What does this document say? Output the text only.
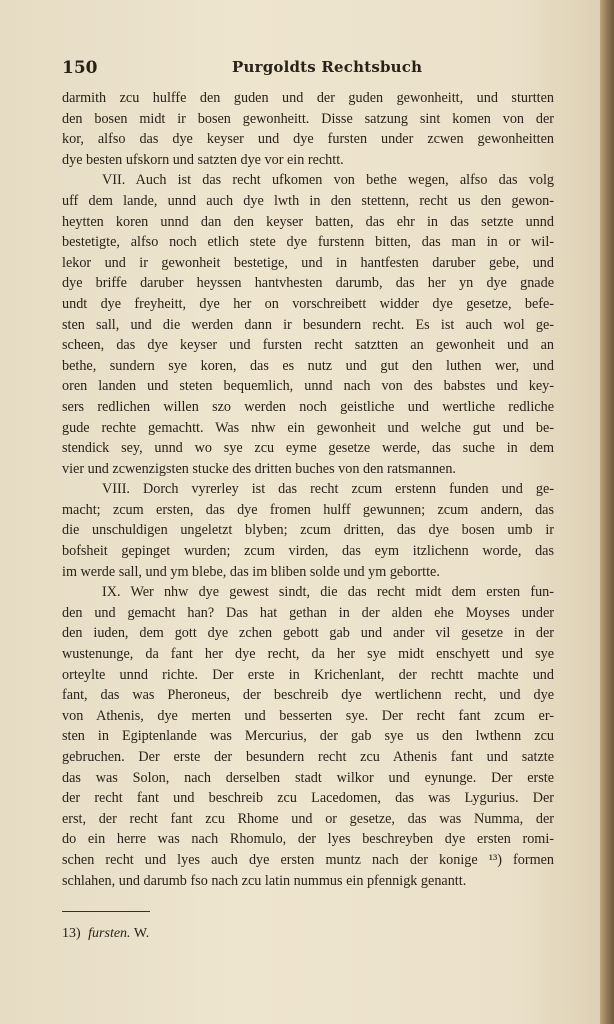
150	Purgoldts Rechtsbuch
darmith zcu hulffe den guden und der guden gewonheitt, und sturtten
den bosen midt ir bosen gewonheitt. Disse satzung sint komen von der
kor, alfso das dye keyser und dye fursten under zcwen gewonheitten
dye besten ufskorn und satzten dye vor ein rechtt.
VII. Auch ist das recht ufkomen von bethe wegen, alfso das volg
uff dem lande, unnd auch dye lwth in den stettenn, recht us den gewon-
heytten koren unnd dan den keyser batten, das ehr in das setzte unnd
bestetigte, alfso noch etlich stete dye furstenn bitten, das man in or wil-
lekor und ir gewonheit bestetige, und in hantfesten daruber gebe, und
dye briffe daruber heyssen hantvhesten darumb, das her yn dye gnade
undt dye freyheitt, dye her on vorschreibett widder dye gesetze, befe-
sten sall, und die werden dann ir besundern recht. Es ist auch wol ge-
scheen, das dye keyser und fursten recht satztten an gewonheit und an
bethe, sundern sye koren, das es nutz und gut den luthen wer, und
oren landen und steten bequemlich, unnd nach von des babstes und key-
sers redlichen willen szo werden noch geistliche und wertliche redliche
gude rechte gemachtt. Was nhw ein gewonheit und welche gut und be-
stendick sey, unnd wo sye zcu eyme gesetze werde, das suche in dem
vier und zcwenzigsten stucke des dritten buches von den ratsmannen.
VIII. Dorch vyrerley ist das recht zcum erstenn funden und ge-
macht; zcum ersten, das dye fromen hulff gewunnen; zcum andern, das
die unschuldigen ungeletzt blyben; zcum dritten, das dye bosen umb ir
bofsheit gepinget wurden; zcum virden, das eym itzlichenn worde, das
im werde sall, und ym blebe, das im bliben solde und ym gebortte.
IX. Wer nhw dye gewest sindt, die das recht midt dem ersten fun-
den und gemacht han? Das hat gethan in der alden ehe Moyses under
den iuden, dem gott dye zchen gebott gab und ander vil gesetze in der
wustenunge, da fant her dye recht, da her sye midt enschyett und sye
orteylte unnd richte. Der erste in Krichenlant, der rechtt machte und
fant, das was Pheroneus, der beschreib dye wertlichenn recht, und dye
von Athenis, dye merten und besserten sye. Der recht fant zcum er-
sten in Egiptenlande was Mercurius, der gab sye us den lwthenn zcu
gebruchen. Der erste der besundern recht zcu Athenis fant und satzte
das was Solon, nach derselben stadt wilkor und eynunge. Der erste
der recht fant und beschreib zcu Lacedomen, das was Lygurius. Der
erst, der recht fant zcu Rhome und or gesetze, das was Numma, der
do ein herre was nach Rhomulo, der lyes beschreyben dye ersten romi-
schen recht und lyes auch dye ersten muntz nach der konige ¹³) formen
schlahen, und darumb fso nach zcu latin nummus ein pfennigk genantt.
13) fursten. W.
